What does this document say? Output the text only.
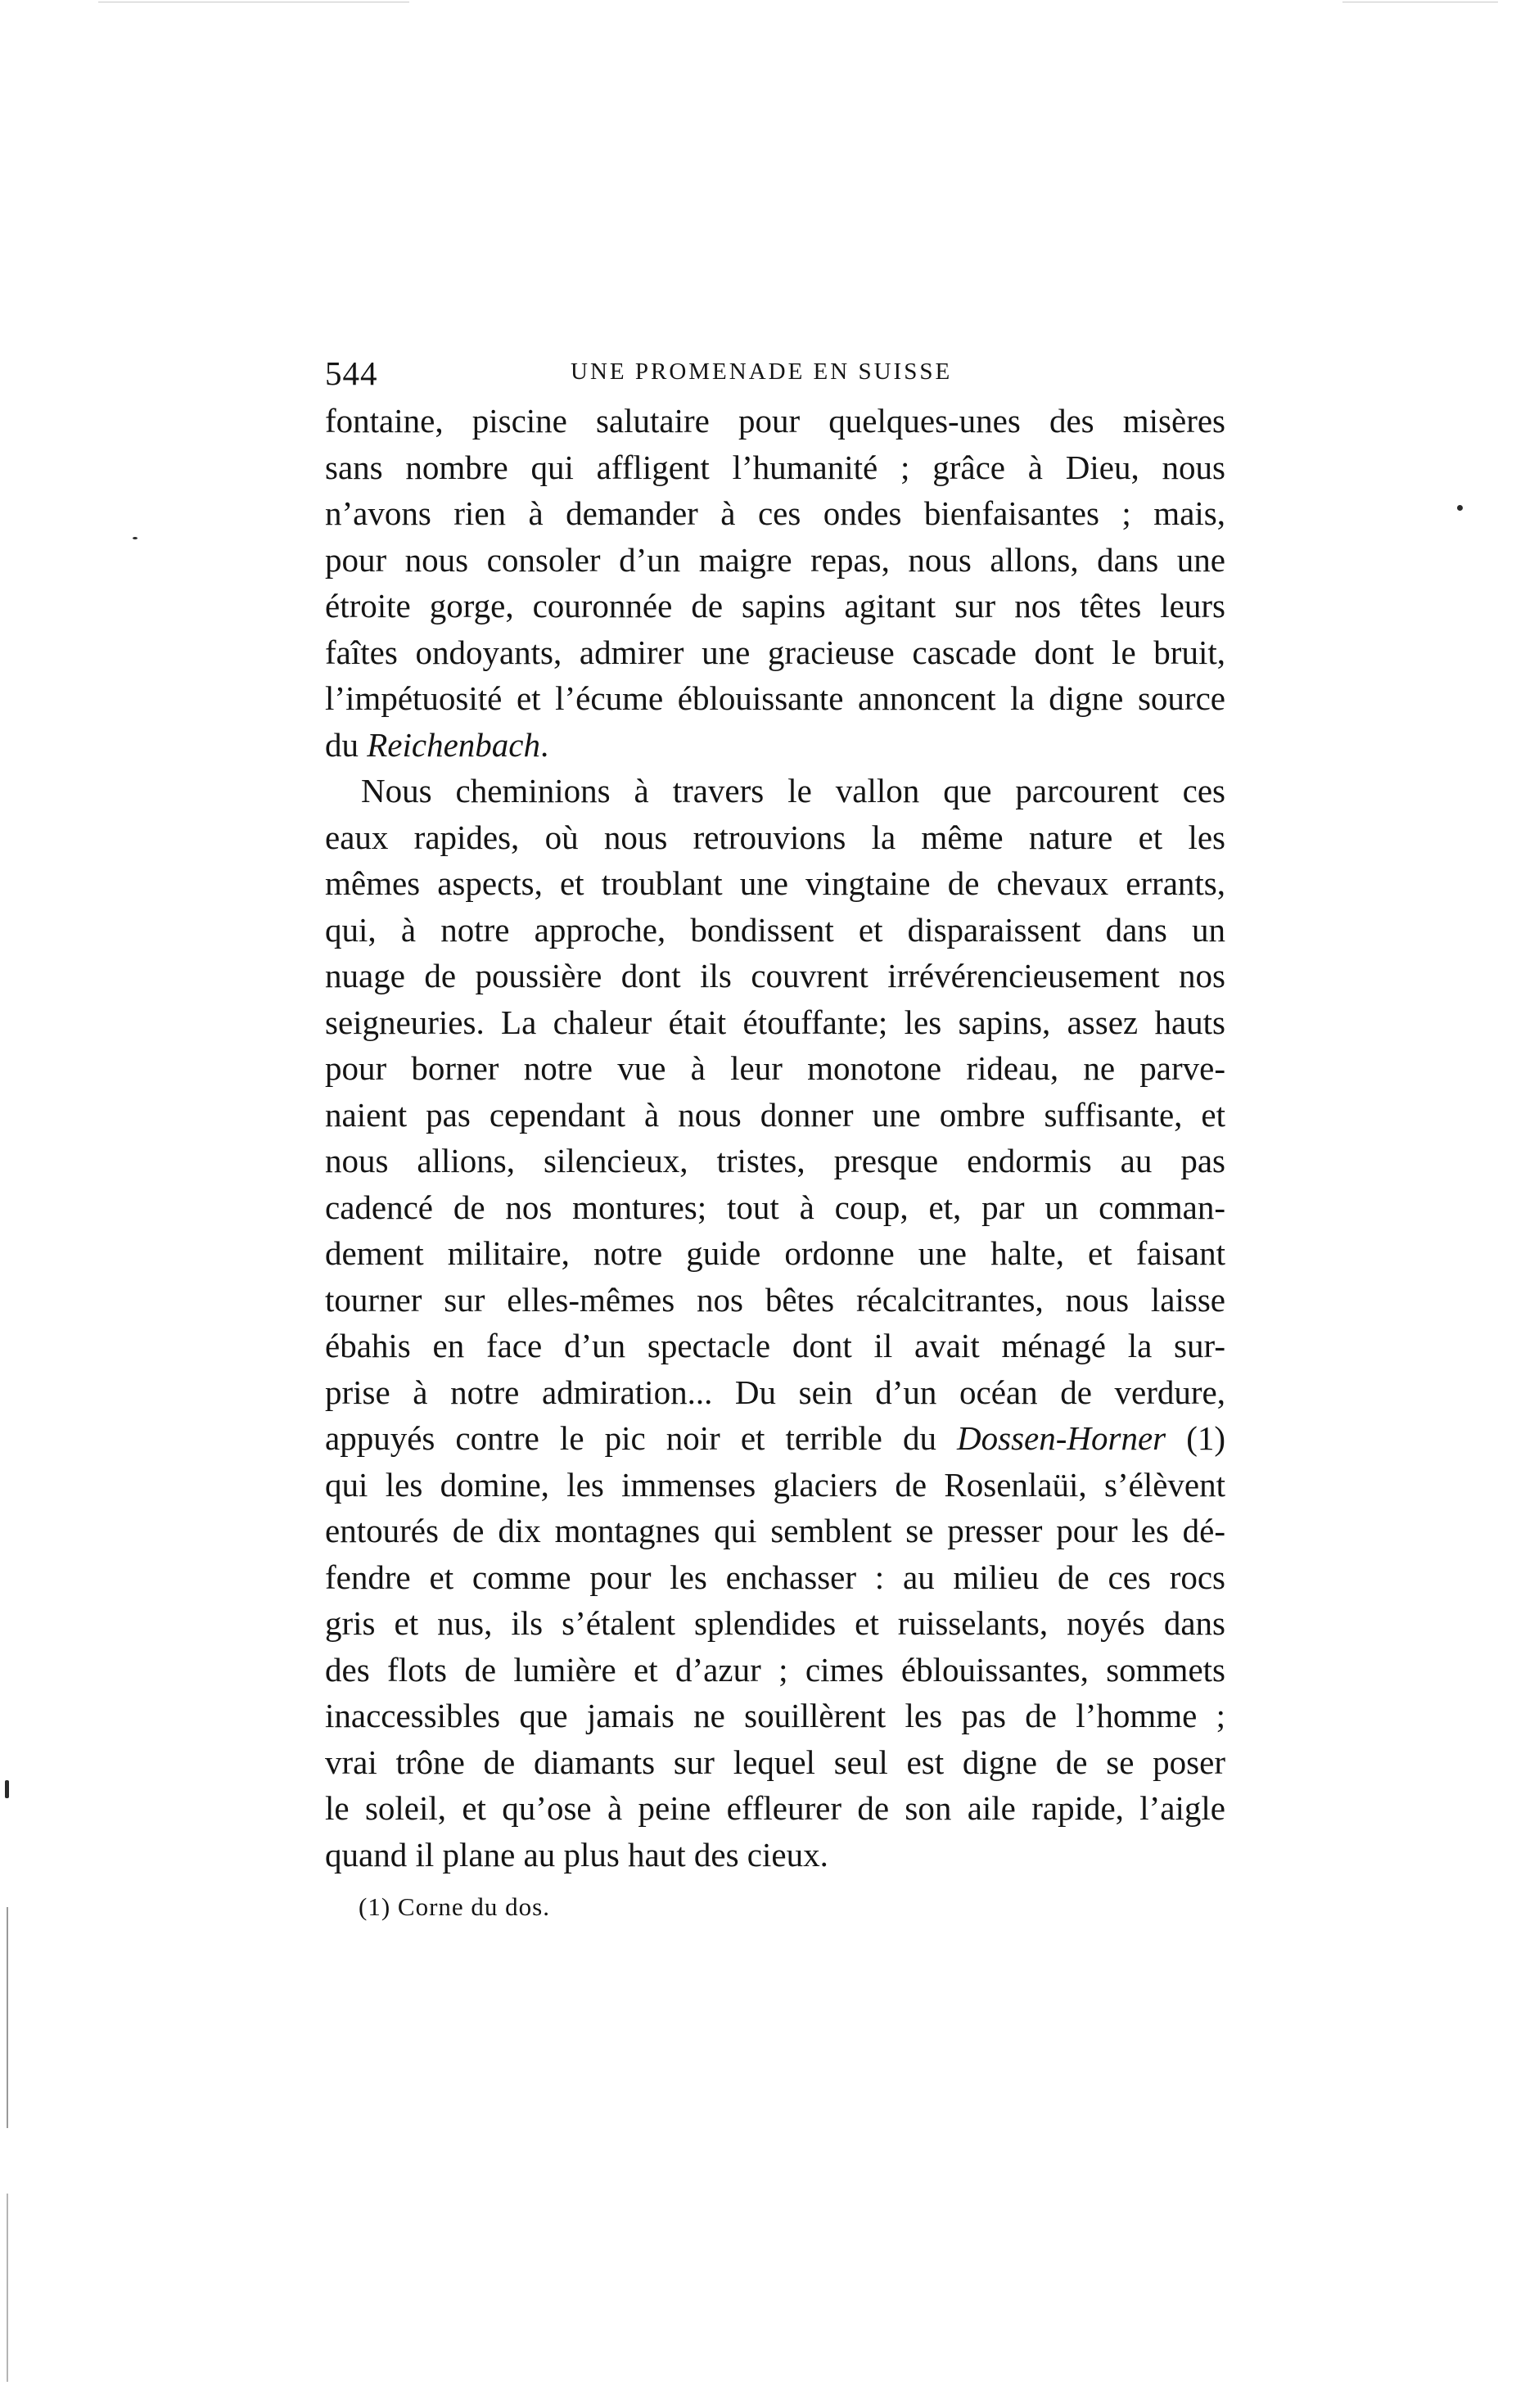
544	UNE PROMENADE EN SUISSE
fontaine, piscine salutaire pour quelques-unes des misères
sans nombre qui affligent l’humanité ; grâce à Dieu, nous
n’avons rien à demander à ces ondes bienfaisantes ; mais,
pour nous consoler d’un maigre repas, nous allons, dans une
étroite gorge, couronnée de sapins agitant sur nos têtes leurs
faîtes ondoyants, admirer une gracieuse cascade dont le bruit,
l’impétuosité et l’écume éblouissante annoncent la digne source
du Reichenbach.
Nous cheminions à travers le vallon que parcourent ces
eaux rapides, où nous retrouvions la même nature et les
mêmes aspects, et troublant une vingtaine de chevaux errants,
qui, à notre approche, bondissent et disparaissent dans un
nuage de poussière dont ils couvrent irrévérencieusement nos
seigneuries. La chaleur était étouffante; les sapins, assez hauts
pour borner notre vue à leur monotone rideau, ne parve-
naient pas cependant à nous donner une ombre suffisante, et
nous allions, silencieux, tristes, presque endormis au pas
cadencé de nos montures; tout à coup, et, par un comman-
dement militaire, notre guide ordonne une halte, et faisant
tourner sur elles-mêmes nos bêtes récalcitrantes, nous laisse
ébahis en face d’un spectacle dont il avait ménagé la sur-
prise à notre admiration... Du sein d’un océan de verdure,
appuyés contre le pic noir et terrible du Dossen-Horner (1)
qui les domine, les immenses glaciers de Rosenlaüi, s’élèvent
entourés de dix montagnes qui semblent se presser pour les dé-
fendre et comme pour les enchasser : au milieu de ces rocs
gris et nus, ils s’étalent splendides et ruisselants, noyés dans
des flots de lumière et d’azur ; cimes éblouissantes, sommets
inaccessibles que jamais ne souillèrent les pas de l’homme ;
vrai trône de diamants sur lequel seul est digne de se poser
le soleil, et qu’ose à peine effleurer de son aile rapide, l’aigle
quand il plane au plus haut des cieux.
(1) Corne du dos.
